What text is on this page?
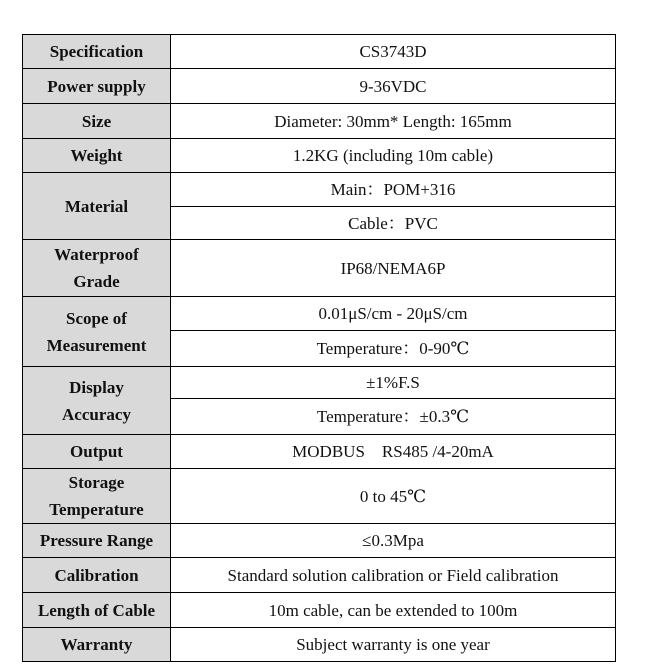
Specification	CS3743D
Power supply	9-36VDC
Size	Diameter: 30mm* Length: 165mm
Weight	1.2KG (including 10m cable)
Material	Main：POM+316
	Cable：PVC
Waterproof
Grade	IP68/NEMA6P
Scope of
Measurement	0.01μS/cm - 20μS/cm
	Temperature：0-90℃
Display
Accuracy	±1%F.S
	Temperature：±0.3℃
Output	MODBUS    RS485 /4-20mA
Storage
Temperature	0 to 45℃
Pressure Range	≤0.3Mpa
Calibration	Standard solution calibration or Field calibration
Length of Cable	10m cable, can be extended to 100m
Warranty	Subject warranty is one year
